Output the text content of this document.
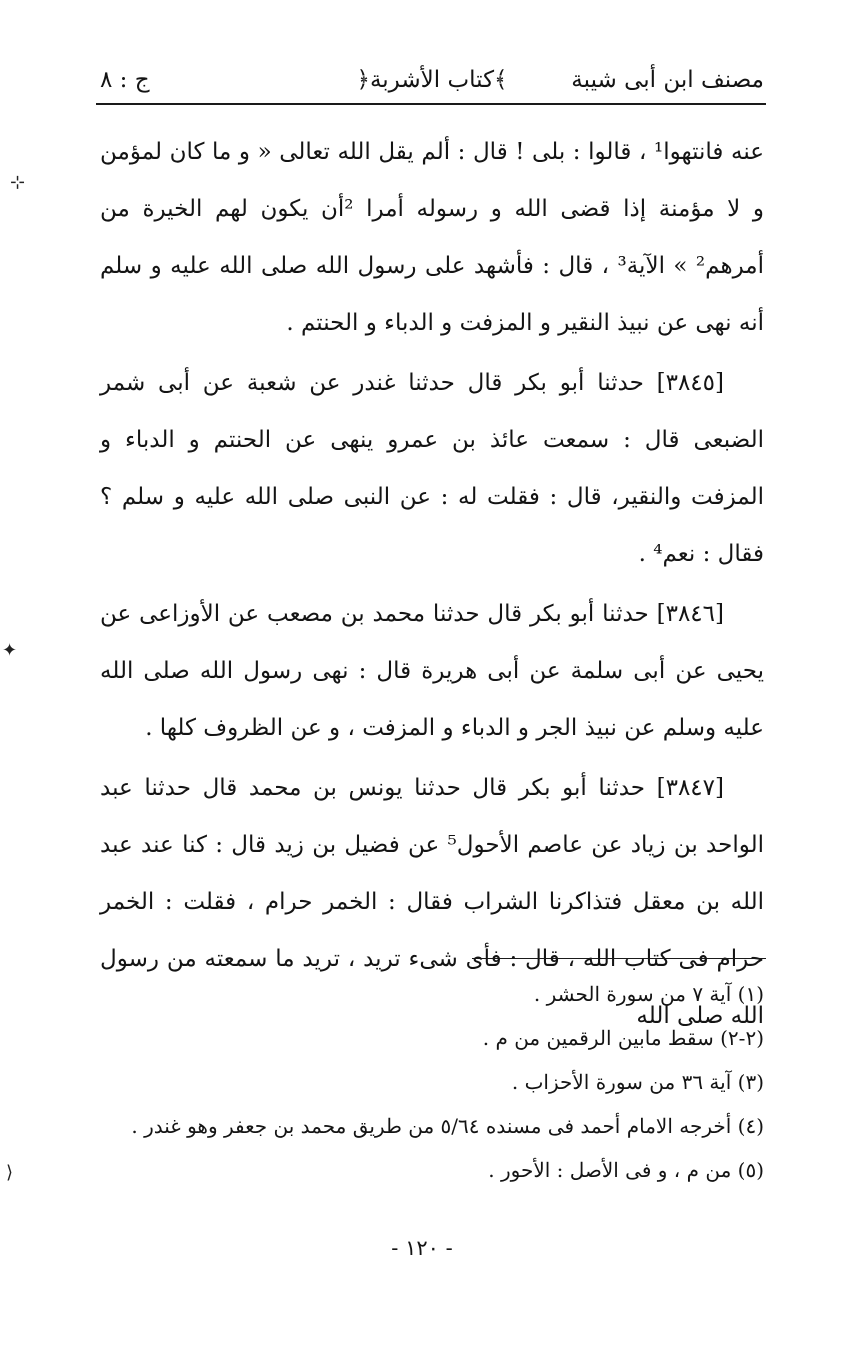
مصنف ابن أبى شيبة
﴿كتاب الأشربة﴾
ج : ٨

عنه فانتهوا¹ ، قالوا : بلى ! قال : ألم يقل الله تعالى « و ما كان لمؤمن و لا مؤمنة إذا قضى الله و رسوله أمرا ²أن يكون لهم الخيرة من أمرهم² » الآية³ ، قال : فأشهد على رسول الله صلى الله عليه و سلم أنه نهى عن نبيذ النقير و المزفت و الدباء و الحنتم .

[٣٨٤٥] حدثنا أبو بكر قال حدثنا غندر عن شعبة عن أبى شمر الضبعى قال : سمعت عائذ بن عمرو ينهى عن الحنتم و الدباء و المزفت والنقير، قال : فقلت له : عن النبى صلى الله عليه و سلم ؟ فقال : نعم⁴ .

[٣٨٤٦] حدثنا أبو بكر قال حدثنا محمد بن مصعب عن الأوزاعى عن يحيى عن أبى سلمة عن أبى هريرة قال : نهى رسول الله صلى الله عليه وسلم عن نبيذ الجر و الدباء و المزفت ، و عن الظروف كلها .

[٣٨٤٧] حدثنا أبو بكر قال حدثنا يونس بن محمد قال حدثنا عبد الواحد بن زياد عن عاصم الأحول⁵ عن فضيل بن زيد قال : كنا عند عبد الله بن معقل فتذاكرنا الشراب فقال : الخمر حرام ، فقلت : الخمر حرام فى كتاب الله ، قال : فأى شىء تريد ، تريد ما سمعته من رسول الله صلى الله

(١) آية ٧ من سورة الحشر .
(٢-٢) سقط مابين الرقمين من م .
(٣) آية ٣٦ من سورة الأحزاب .
(٤) أخرجه الامام أحمد فى مسنده ٥/٦٤ من طريق محمد بن جعفر وهو غندر .
(٥) من م ، و فى الأصل : الأحور .
- ١٢٠ -
⊹
✦
⟩
